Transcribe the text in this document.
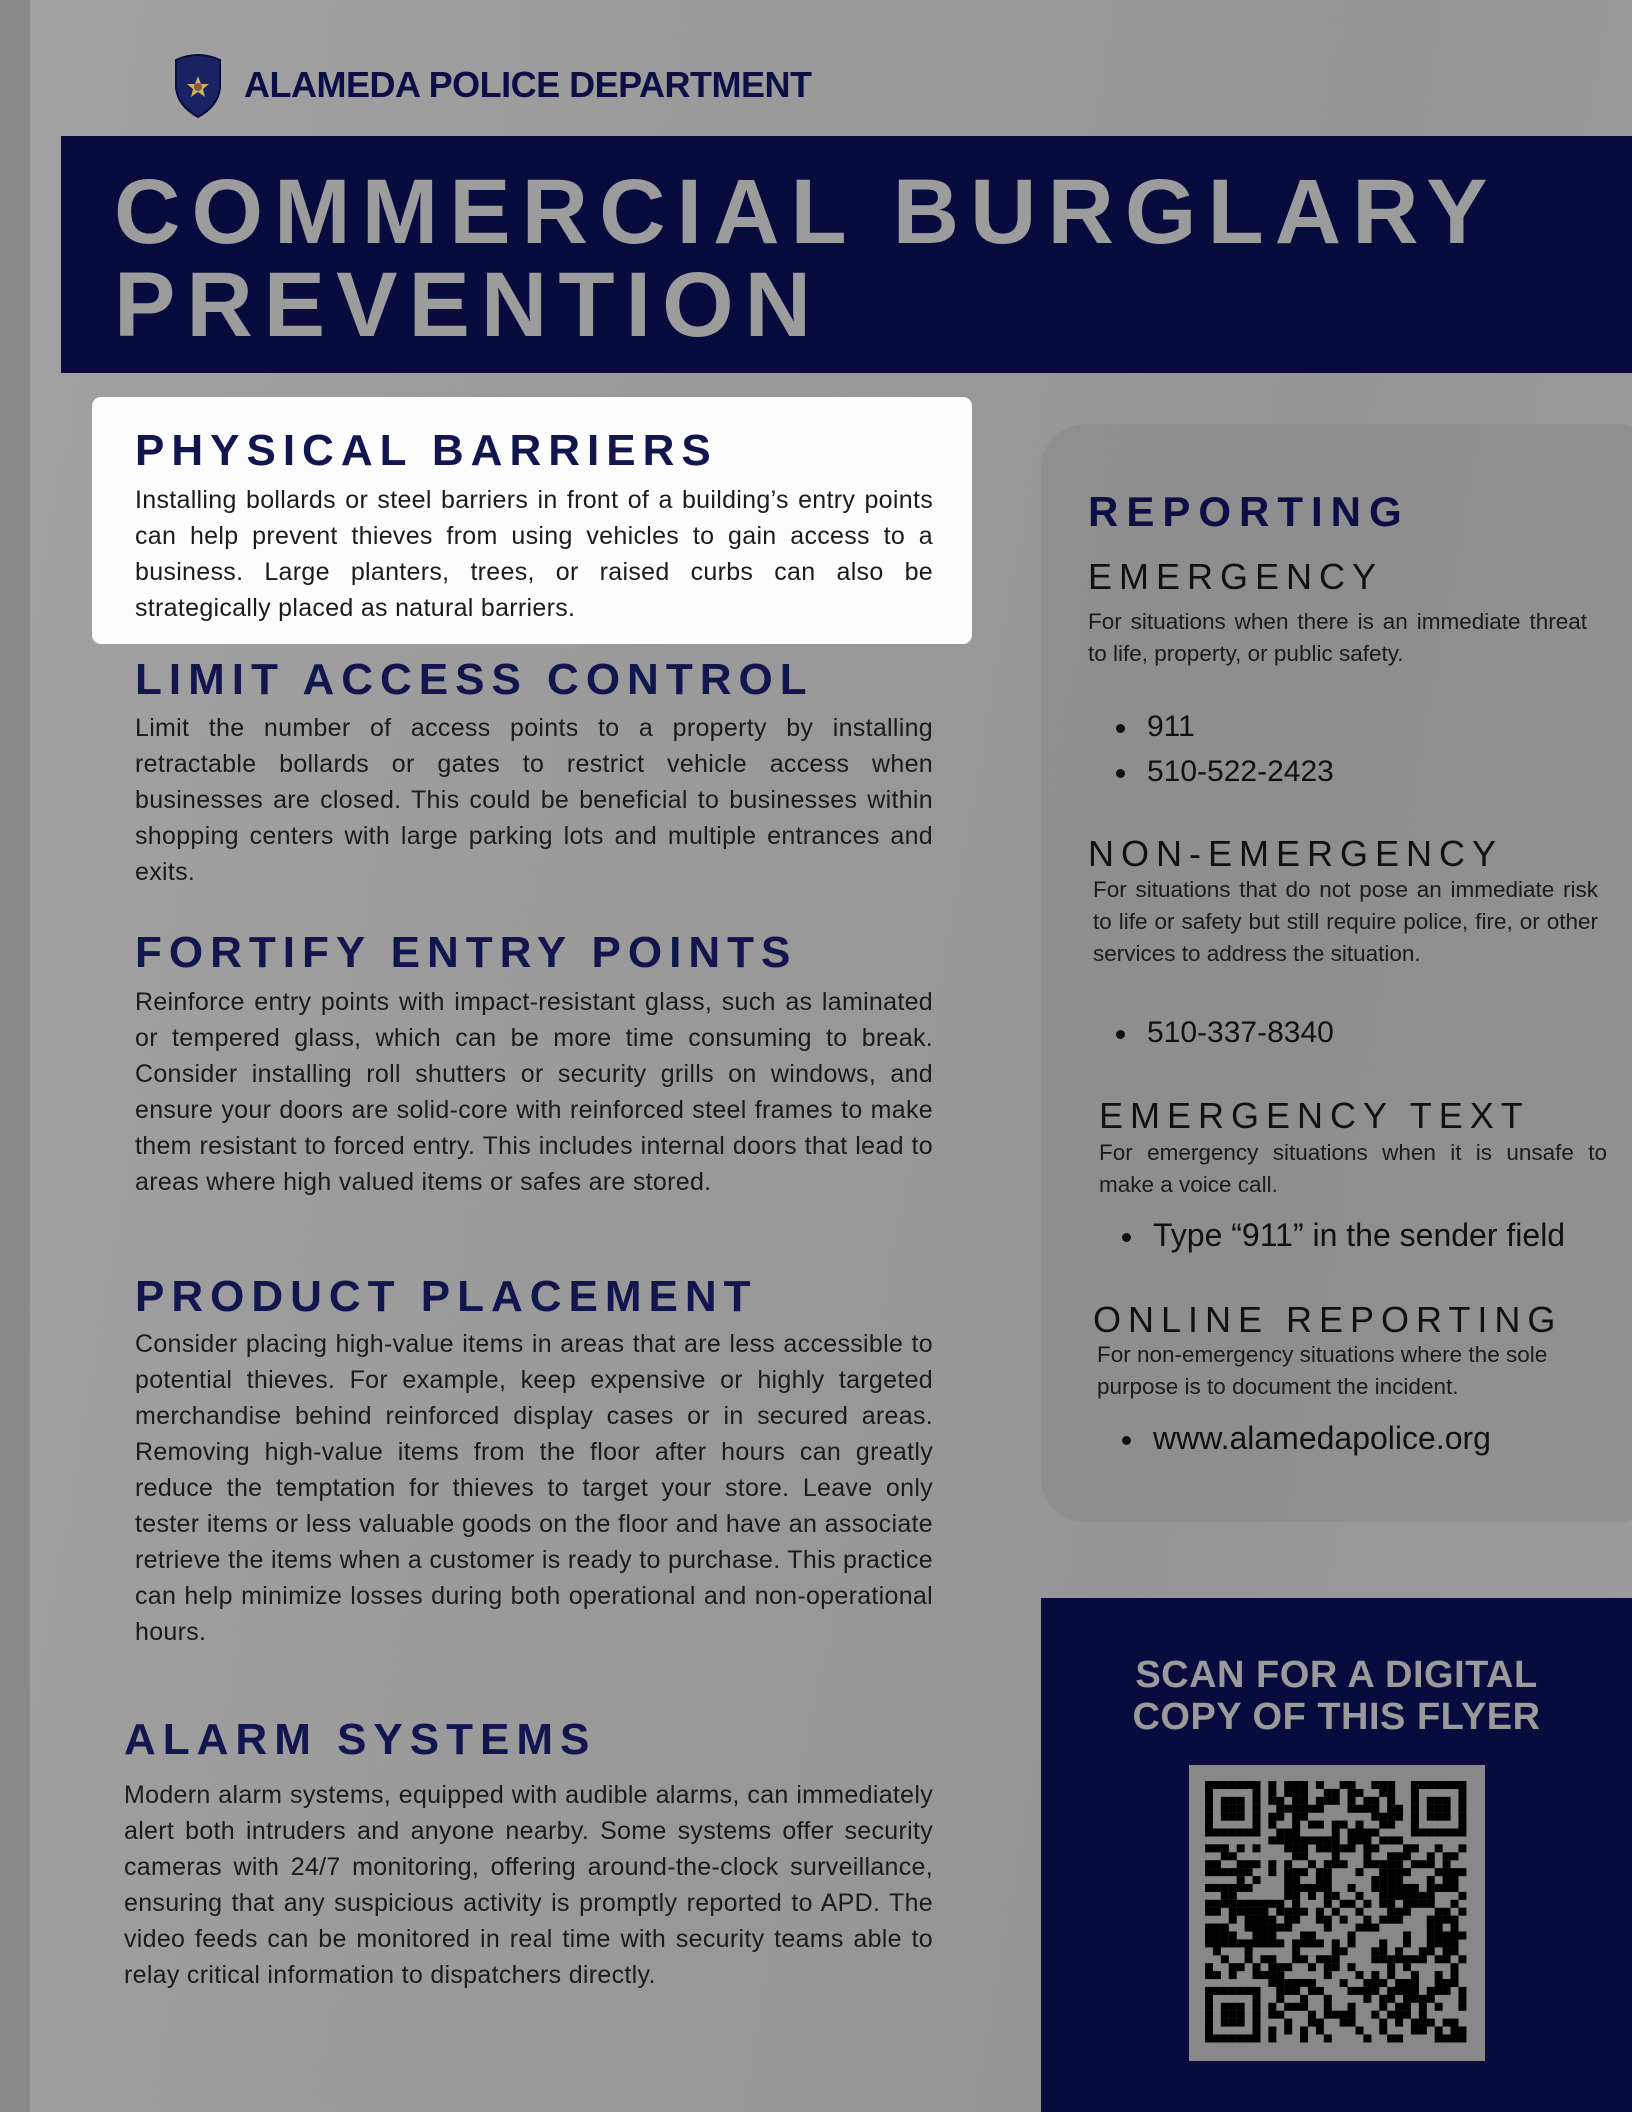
ALAMEDA POLICE DEPARTMENT
COMMERCIAL BURGLARY
PREVENTION
PHYSICAL BARRIERS
Installing bollards or steel barriers in front of a building’s entry points can help prevent thieves from using vehicles to gain access to a business. Large planters, trees, or raised curbs can also be strategically placed as natural barriers.
LIMIT ACCESS CONTROL
Limit the number of access points to a property by installing retractable bollards or gates to restrict vehicle access when businesses are closed. This could be beneficial to businesses within shopping centers with large parking lots and multiple entrances and exits.
FORTIFY ENTRY POINTS
Reinforce entry points with impact-resistant glass, such as laminated or tempered glass, which can be more time consuming to break. Consider installing roll shutters or security grills on windows, and ensure your doors are solid-core with reinforced steel frames to make them resistant to forced entry. This includes internal doors that lead to areas where high valued items or safes are stored.
PRODUCT PLACEMENT
Consider placing high-value items in areas that are less accessible to potential thieves. For example, keep expensive or highly targeted merchandise behind reinforced display cases or in secured areas. Removing high-value items from the floor after hours can greatly reduce the temptation for thieves to target your store. Leave only tester items or less valuable goods on the floor and have an associate retrieve the items when a customer is ready to purchase. This practice can help minimize losses during both operational and non-operational hours.
ALARM SYSTEMS
Modern alarm systems, equipped with audible alarms, can immediately alert both intruders and anyone nearby. Some systems offer security cameras with 24/7 monitoring, offering around-the-clock surveillance, ensuring that any suspicious activity is promptly reported to APD. The video feeds can be monitored in real time with security teams able to relay critical information to dispatchers directly.
REPORTING
EMERGENCY
For situations when there is an immediate threat to life, property, or public safety.
911
510-522-2423
NON-EMERGENCY
For situations that do not pose an immediate risk to life or safety but still require police, fire, or other services to address the situation.
510-337-8340
EMERGENCY TEXT
For emergency situations when it is unsafe to make a voice call.
Type “911” in the sender field
ONLINE REPORTING
For non-emergency situations where the sole purpose is to document the incident.
www.alamedapolice.org
SCAN FOR A DIGITAL
COPY OF THIS FLYER
